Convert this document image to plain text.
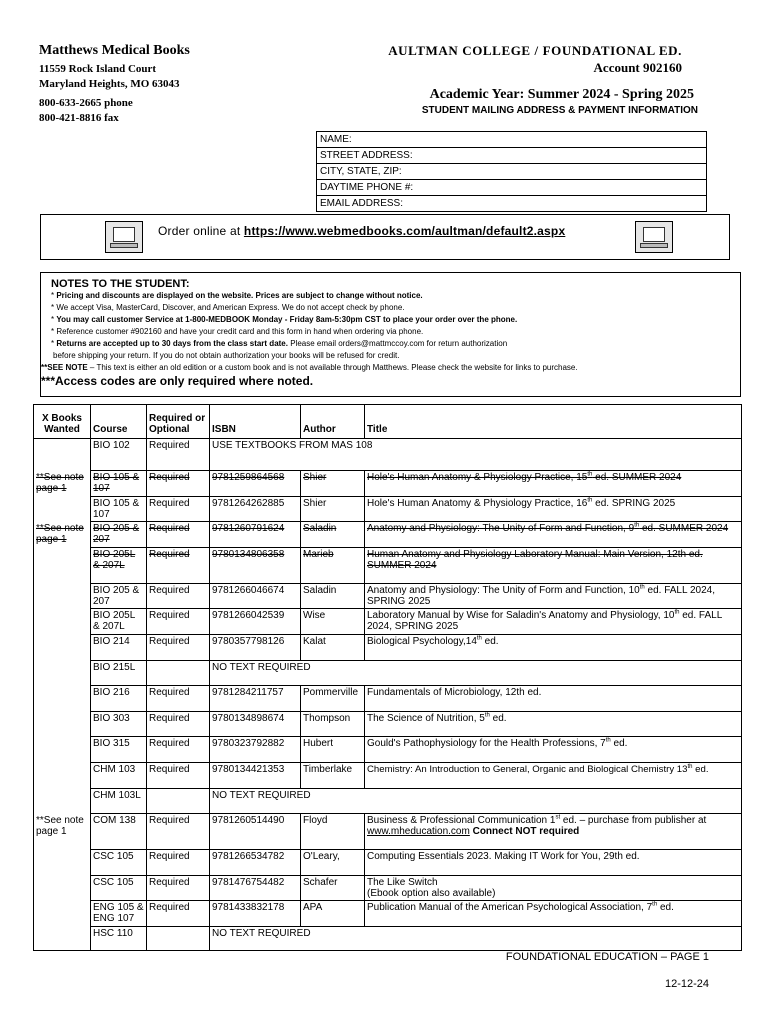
Matthews Medical Books
11559 Rock Island Court
Maryland Heights, MO 63043
800-633-2665 phone
800-421-8816 fax
AULTMAN COLLEGE / FOUNDATIONAL ED.
Account 902160
Academic Year: Summer 2024 - Spring 2025
STUDENT MAILING ADDRESS & PAYMENT INFORMATION
NAME:
STREET ADDRESS:
CITY, STATE, ZIP:
DAYTIME PHONE #:
EMAIL ADDRESS:
Order online at https://www.webmedbooks.com/aultman/default2.aspx
NOTES TO THE STUDENT:
* Pricing and discounts are displayed on the website. Prices are subject to change without notice.
* We accept Visa, MasterCard, Discover, and American Express. We do not accept check by phone.
* You may call customer Service at 1-800-MEDBOOK Monday - Friday 8am-5:30pm CST to place your order over the phone.
* Reference customer #902160 and have your credit card and this form in hand when ordering via phone.
* Returns are accepted up to 30 days from the class start date. Please email orders@mattmccoy.com for return authorization
before shipping your return. If you do not obtain authorization your books will be refused for credit.
**SEE NOTE – This text is either an old edition or a custom book and is not available through Matthews. Please check the website for links to purchase.
***Access codes are only required where noted.
X Books Wanted	Course	Required or Optional	ISBN	Author	Title
	BIO 102	Required	USE TEXTBOOKS FROM MAS 108		
**See note page 1	BIO 105 & 107	Required	9781259864568	Shier	Hole's Human Anatomy & Physiology Practice, 15th ed. SUMMER 2024
	BIO 105 & 107	Required	9781264262885	Shier	Hole's Human Anatomy & Physiology Practice, 16th ed. SPRING 2025
**See note page 1	BIO 205 & 207	Required	9781260791624	Saladin	Anatomy and Physiology: The Unity of Form and Function, 9th ed. SUMMER 2024
	BIO 205L & 207L	Required	9780134806358	Marieb	Human Anatomy and Physiology Laboratory Manual: Main Version, 12th ed. SUMMER 2024
	BIO 205 & 207	Required	9781266046674	Saladin	Anatomy and Physiology: The Unity of Form and Function, 10th ed. FALL 2024, SPRING 2025
	BIO 205L & 207L	Required	9781266042539	Wise	Laboratory Manual by Wise for Saladin's Anatomy and Physiology, 10th ed. FALL 2024, SPRING 2025
	BIO 214	Required	9780357798126	Kalat	Biological Psychology,14th ed.
	BIO 215L		NO TEXT REQUIRED		
	BIO 216	Required	9781284211757	Pommerville	Fundamentals of Microbiology, 12th ed.
	BIO 303	Required	9780134898674	Thompson	The Science of Nutrition, 5th ed.
	BIO 315	Required	9780323792882	Hubert	Gould's Pathophysiology for the Health Professions, 7th ed.
	CHM 103	Required	9780134421353	Timberlake	Chemistry: An Introduction to General, Organic and Biological Chemistry 13th ed.
	CHM 103L		NO TEXT REQUIRED		
**See note page 1	COM 138	Required	9781260514490	Floyd	Business & Professional Communication 1st ed. – purchase from publisher at www.mheducation.com Connect NOT required
	CSC 105	Required	9781266534782	O'Leary,	Computing Essentials 2023. Making IT Work for You, 29th ed.
	CSC 105	Required	9781476754482	Schafer	The Like Switch
(Ebook option also available)

	ENG 105 & ENG 107	Required	9781433832178	APA	Publication Manual of the American Psychological Association, 7th ed.
	HSC 110		NO TEXT REQUIRED		
FOUNDATIONAL EDUCATION – PAGE 1
12-12-24
